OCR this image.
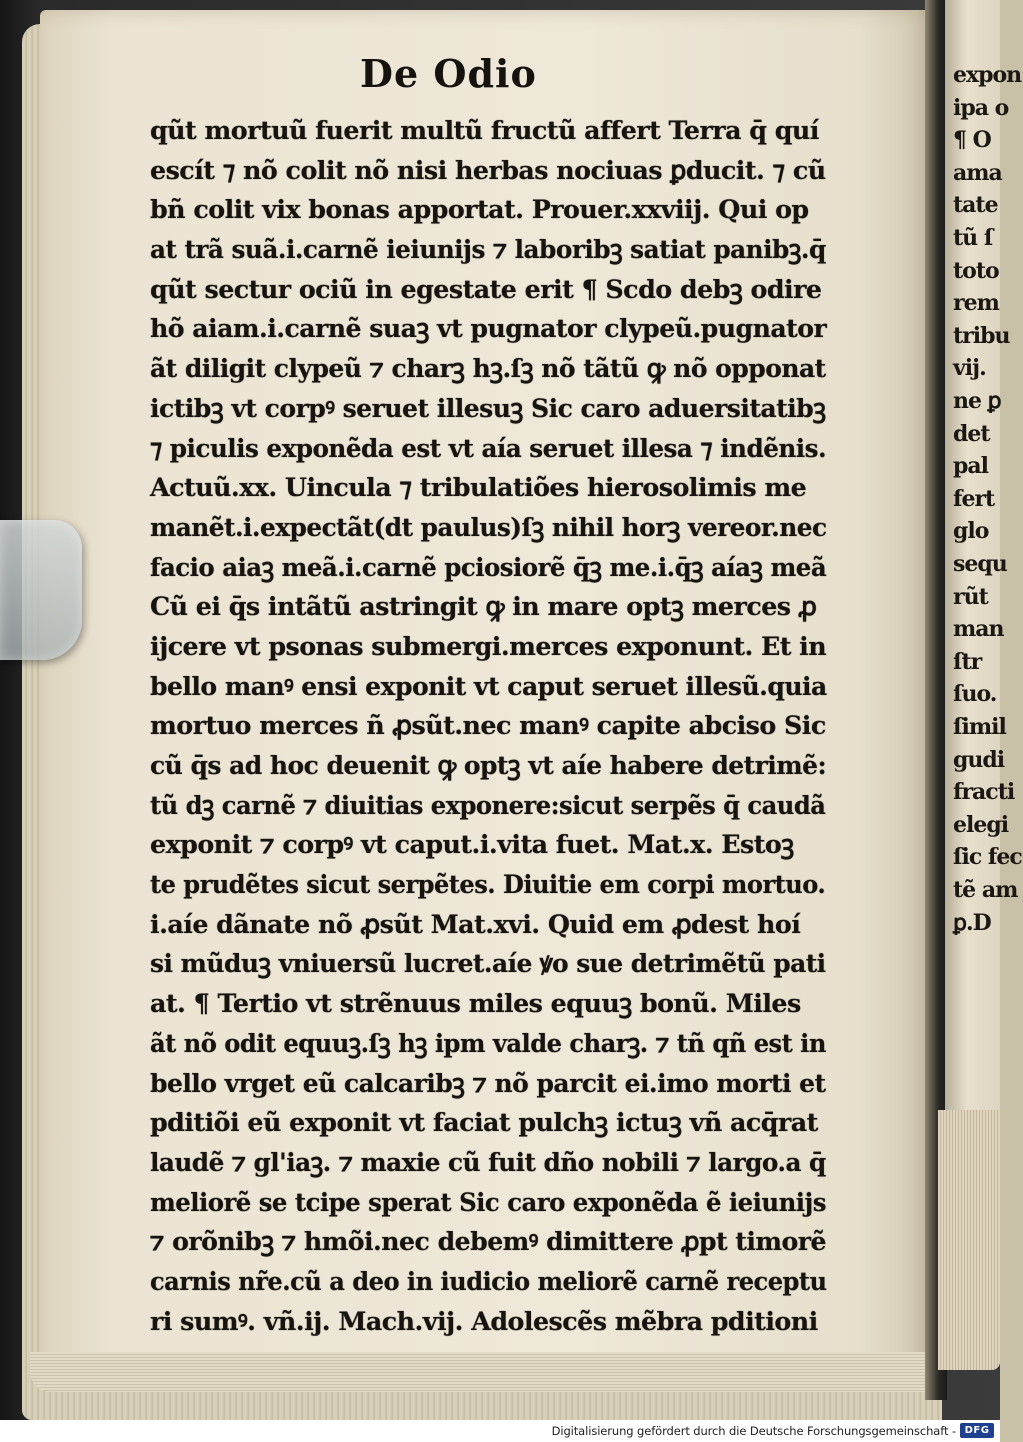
expon
ipa o
¶ O
ama
tate
tũ ſ
toto
rem
tribu
vij.
ne ꝑ
det
pal
fert
glo
sequ
rũt
man
ſtr
ſuo.
ſimil
gudi
fracti
elegi
ſic fec
tẽ am
ꝑ.D
De Odio
qũt mortuũ fuerit multũ fructũ affert Terra q̄ quí
escít ⁊ nõ colit nõ nisi herbas nociuas ꝑducit. ⁊ cũ
bñ colit vix bonas apportat. Prouer.xxviij. Qui op
at trã suã.i.carnẽ ieiunijs ⁊ laboribꝫ satiat panibꝫ.q̄
qũt sectur ociũ in egestate erit ¶ Scdo debꝫ odire
hõ aiam.i.carnẽ suaꝫ vt pugnator clypeũ.pugnator
ãt diligit clypeũ ⁊ charꝫ hꝫ.ſꝫ nõ tãtũ ꝙ nõ opponat
ictibꝫ vt corpꝰ seruet illesuꝫ Sic caro aduersitatibꝫ
⁊ piculis exponẽda est vt aía seruet illesa ⁊ indẽnis.
Actuũ.xx. Uincula ⁊ tribulatiões hierosolimis me
manẽt.i.expectãt(dt paulus)ſꝫ nihil horꝫ vereor.nec
facio aiaꝫ meã.i.carnẽ pciosiorẽ q̄ꝫ me.i.q̄ꝫ aíaꝫ meã
Cũ ei q̄s intãtũ astringit ꝙ in mare optꝫ merces ꝓ
ijcere vt psonas submergi.merces exponunt. Et in
bello manꝰ ensi exponit vt caput seruet illesũ.quia
mortuo merces ñ ꝓsũt.nec manꝰ capite abciso Sic
cũ q̄s ad hoc deuenit ꝙ optꝫ vt aíe habere detrimẽ:
tũ dꝫ carnẽ ⁊ diuitias exponere:sicut serpẽs q̄ caudã
exponit ⁊ corpꝰ vt caput.i.vita fuet. Mat.x. Estoꝫ
te prudẽtes sicut serpẽtes. Diuitie em corpi mortuo.
i.aíe dãnate nõ ꝓsũt Mat.xvi. Quid em ꝓdest hoí
si mũduꝫ vniuersũ lucret.aíe ꝟo sue detrimẽtũ pati
at. ¶ Tertio vt strẽnuus miles equuꝫ bonũ. Miles
ãt nõ odit equuꝫ.ſꝫ hꝫ ipm valde charꝫ. ⁊ tñ qñ est in
bello vrget eũ calcaribꝫ ⁊ nõ parcit ei.imo morti et
pditiõi eũ exponit vt faciat pulchꝫ ictuꝫ vñ acq̄rat
laudẽ ⁊ gl'iaꝫ. ⁊ maxie cũ fuit dño nobili ⁊ largo.a q̄
meliorẽ se tcipe sperat Sic caro exponẽda ẽ ieiunijs
⁊ orõnibꝫ ⁊ hmõi.nec debemꝰ dimittere ꝓpt timorẽ
carnis nr̃e.cũ a deo in iudicio meliorẽ carnẽ receptu
ri sumꝰ. vñ.ij. Mach.vij. Adolescẽs mẽbra pditioni
Digitalisierung gefördert durch die Deutsche Forschungsgemeinschaft - DFG
